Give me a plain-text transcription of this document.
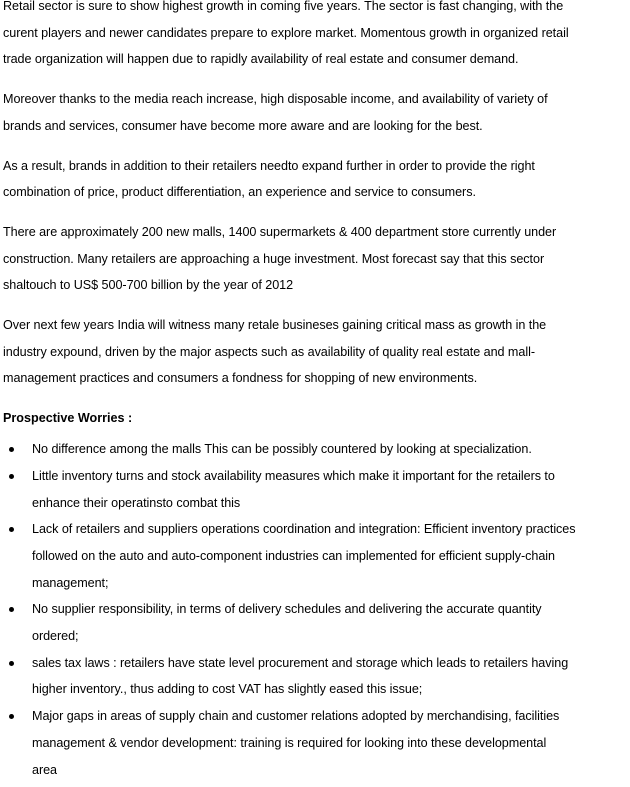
Retail sector is sure to show highest growth in coming five years. The sector is fast changing, with the
curent players and newer candidates prepare to explore market. Momentous growth in organized retail
trade organization will happen due to rapidly availability of real estate and consumer demand.

Moreover thanks to the media reach increase, high disposable income, and availability of variety of
brands and services, consumer have become more aware and are looking for the best.

As a result, brands in addition to their retailers needto expand further in order to provide the right
combination of price, product differentiation, an experience and service to consumers.

There are approximately 200 new malls, 1400 supermarkets & 400 department store currently under
construction. Many retailers are approaching a huge investment. Most forecast say that this sector
shaltouch to US$ 500-700 billion by the year of 2012

Over next few years India will witness many retale busineses gaining critical mass as growth in the
industry expound, driven by the major aspects such as availability of quality real estate and mall-
management practices and consumers a fondness for shopping of new environments.

Prospective Worries :

No difference among the malls This can be possibly countered by looking at specialization.
Little inventory turns and stock availability measures which make it important for the retailers to
enhance their operatinsto combat this
Lack of retailers and suppliers operations coordination and integration: Efficient inventory practices
followed on the auto and auto-component industries can implemented for efficient supply-chain
management;
No supplier responsibility, in terms of delivery schedules and delivering the accurate quantity
ordered;
sales tax laws : retailers have state level procurement and storage which leads to retailers having
higher inventory., thus adding to cost VAT has slightly eased this issue;
Major gaps in areas of supply chain and customer relations adopted by merchandising, facilities
management & vendor development: training is required for looking into these developmental
area
